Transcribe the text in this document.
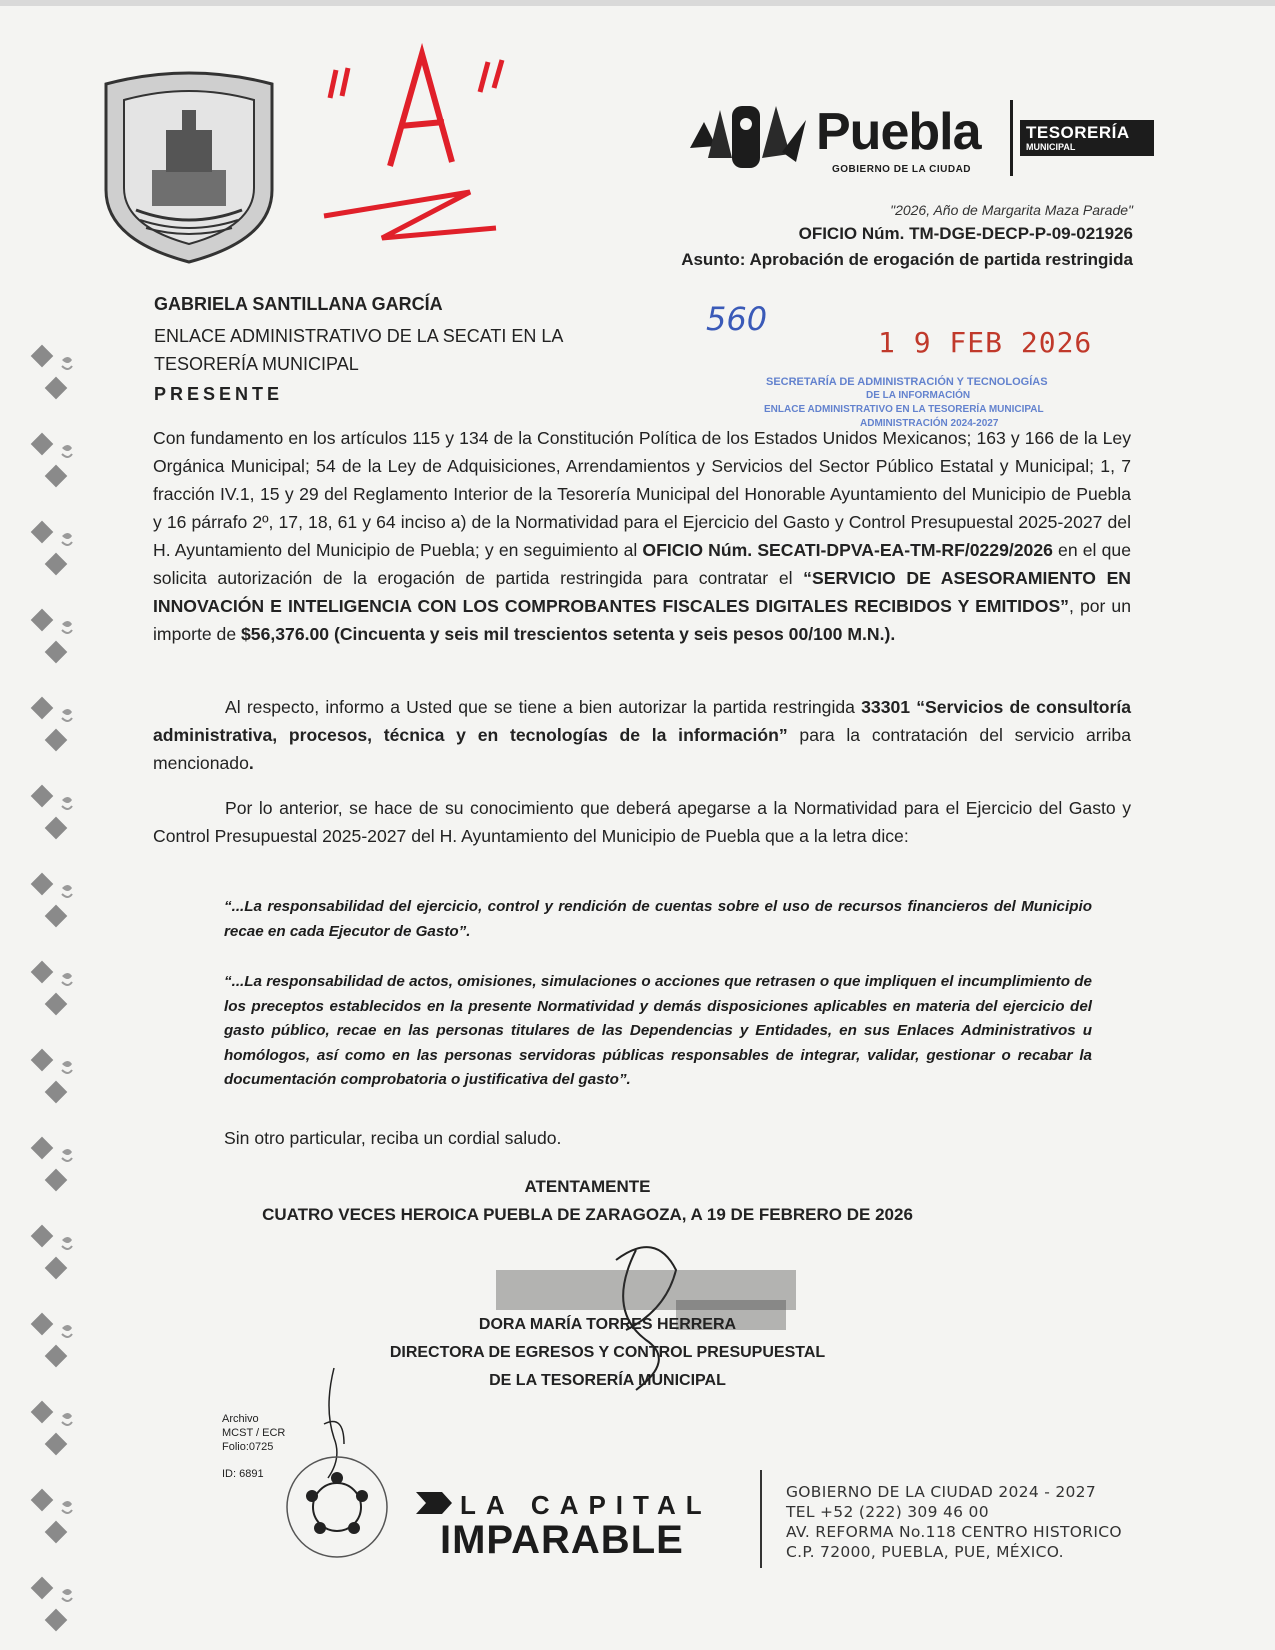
Puebla
GOBIERNO DE LA CIUDAD
TESORERÍA
MUNICIPAL
"2026, Año de Margarita Maza Parade"
OFICIO Núm. TM-DGE-DECP-P-09-021926
Asunto: Aprobación de erogación de partida restringida
560
1 9 FEB 2026
SECRETARÍA DE ADMINISTRACIÓN Y TECNOLOGÍAS
DE LA INFORMACIÓN
ENLACE ADMINISTRATIVO EN LA TESORERÍA MUNICIPAL
ADMINISTRACIÓN 2024-2027
GABRIELA SANTILLANA GARCÍA
ENLACE ADMINISTRATIVO DE LA SECATI EN LA
TESORERÍA MUNICIPAL
PRESENTE
Con fundamento en los artículos 115 y 134 de la Constitución Política de los Estados Unidos Mexicanos; 163 y 166 de la Ley Orgánica Municipal; 54 de la Ley de Adquisiciones, Arrendamientos y Servicios del Sector Público Estatal y Municipal; 1, 7 fracción IV.1, 15 y 29 del Reglamento Interior de la Tesorería Municipal del Honorable Ayuntamiento del Municipio de Puebla y 16 párrafo 2º, 17, 18, 61 y 64 inciso a) de la Normatividad para el Ejercicio del Gasto y Control Presupuestal 2025-2027 del H. Ayuntamiento del Municipio de Puebla; y en seguimiento al OFICIO Núm. SECATI-DPVA-EA-TM-RF/0229/2026 en el que solicita autorización de la erogación de partida restringida para contratar el “SERVICIO DE ASESORAMIENTO EN INNOVACIÓN E INTELIGENCIA CON LOS COMPROBANTES FISCALES DIGITALES RECIBIDOS Y EMITIDOS”, por un importe de $56,376.00 (Cincuenta y seis mil trescientos setenta y seis pesos 00/100 M.N.).
Al respecto, informo a Usted que se tiene a bien autorizar la partida restringida 33301 “Servicios de consultoría administrativa, procesos, técnica y en tecnologías de la información” para la contratación del servicio arriba mencionado.
Por lo anterior, se hace de su conocimiento que deberá apegarse a la Normatividad para el Ejercicio del Gasto y Control Presupuestal 2025-2027 del H. Ayuntamiento del Municipio de Puebla que a la letra dice:
“...La responsabilidad del ejercicio, control y rendición de cuentas sobre el uso de recursos financieros del Municipio recae en cada Ejecutor de Gasto”.
“...La responsabilidad de actos, omisiones, simulaciones o acciones que retrasen o que impliquen el incumplimiento de los preceptos establecidos en la presente Normatividad y demás disposiciones aplicables en materia del ejercicio del gasto público, recae en las personas titulares de las Dependencias y Entidades, en sus Enlaces Administrativos u homólogos, así como en las personas servidoras públicas responsables de integrar, validar, gestionar o recabar la documentación comprobatoria o justificativa del gasto”.
Sin otro particular, reciba un cordial saludo.
ATENTAMENTE
CUATRO VECES HEROICA PUEBLA DE ZARAGOZA, A 19 DE FEBRERO DE 2026
DORA MARÍA TORRES HERRERA
DIRECTORA DE EGRESOS Y CONTROL PRESUPUESTAL
DE LA TESORERÍA MUNICIPAL
Archivo
MCST / ECR
Folio:0725
ID: 6891
LA CAPITAL
IMPARABLE
GOBIERNO DE LA CIUDAD 2024 - 2027
TEL +52 (222) 309 46 00
AV. REFORMA No.118 CENTRO HISTORICO
C.P. 72000, PUEBLA, PUE, MÉXICO.
